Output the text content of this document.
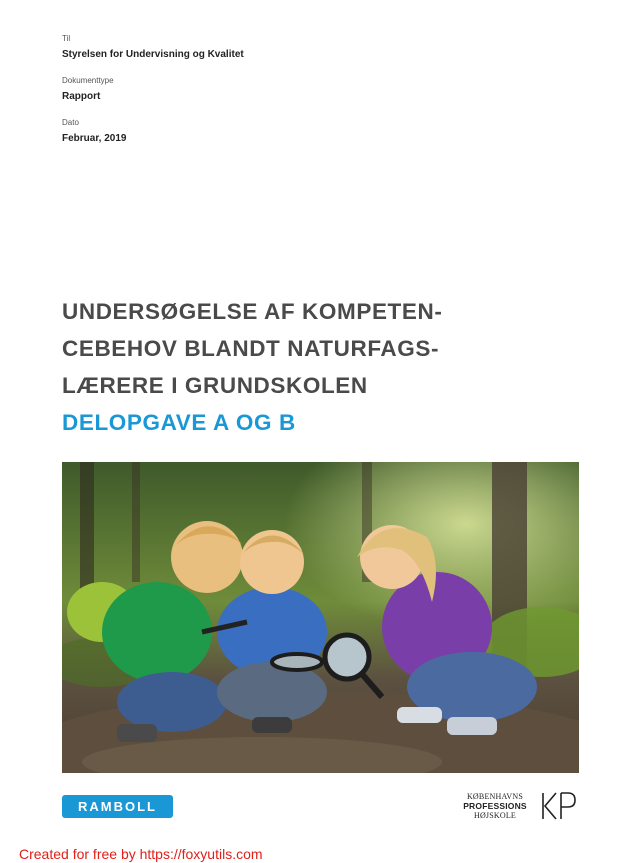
Til
Styrelsen for Undervisning og Kvalitet
Dokumenttype
Rapport
Dato
Februar, 2019
UNDERSØGELSE AF KOMPETEN-
CEBEHOV BLANDT NATURFAGS-
LÆRERE I GRUNDSKOLEN
DELOPGAVE A OG B
RAMBOLL
KØBENHAVNS
PROFESSIONS
HØJSKOLE
Created for free by https://foxyutils.com
